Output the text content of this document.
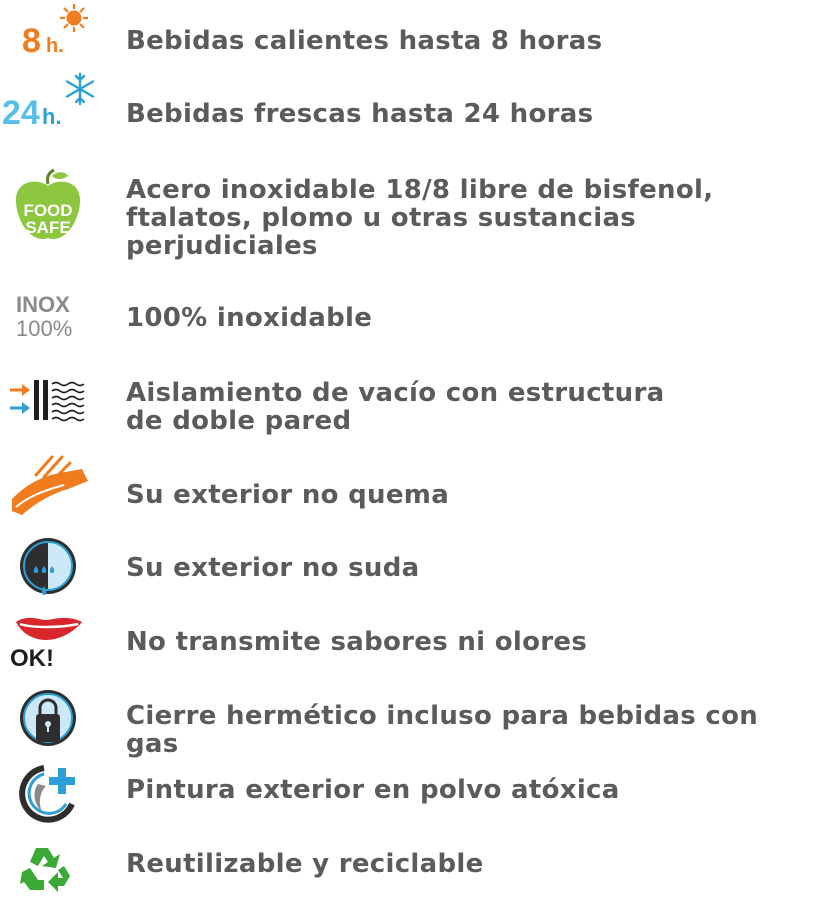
8 h. Bebidas calientes hasta 8 horas
24 h. Bebidas frescas hasta 24 horas
FOOD
SAFE
Acero inoxidable 18/8 libre de bisfenol,
ftalatos, plomo u otras sustancias
perjudiciales
INOX
100% 100% inoxidable
Aislamiento de vacío con estructura
de doble pared
Su exterior no quema
Su exterior no suda
OK!
No transmite sabores ni olores
Cierre hermético incluso para bebidas con gas
Pintura exterior en polvo atóxica
Reutilizable y reciclable
